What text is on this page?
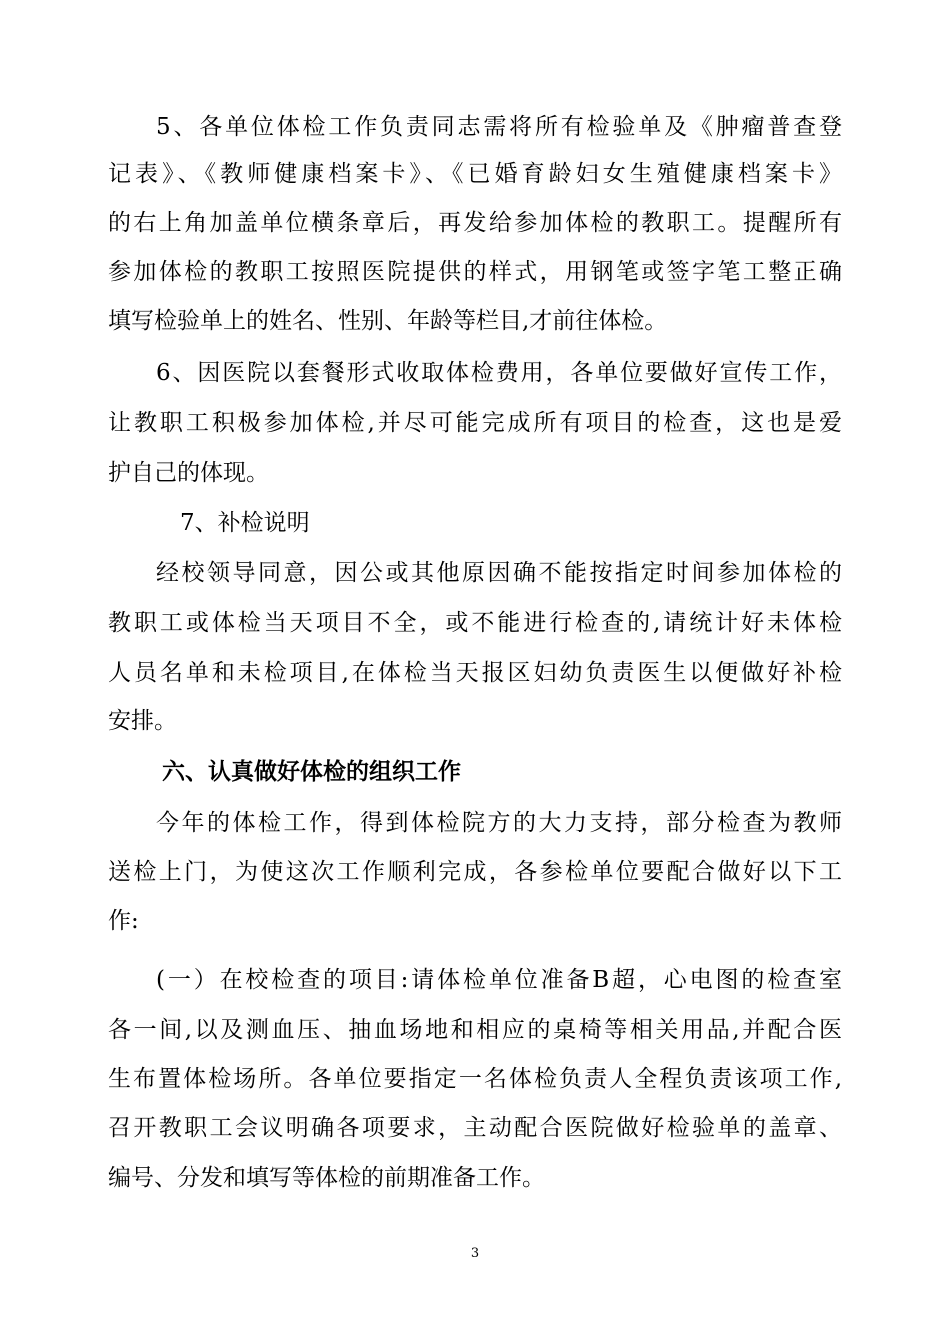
5、各单位体检工作负责同志需将所有检验单及《肿瘤普查登
记表》、《教师健康档案卡》、《已婚育龄妇女生殖健康档案卡》
的右上角加盖单位横条章后，再发给参加体检的教职工。提醒所有
参加体检的教职工按照医院提供的样式，用钢笔或签字笔工整正确
填写检验单上的姓名、性别、年龄等栏目,才前往体检。
6、因医院以套餐形式收取体检费用，各单位要做好宣传工作，
让教职工积极参加体检,并尽可能完成所有项目的检查，这也是爱
护自己的体现。
7、补检说明
经校领导同意，因公或其他原因确不能按指定时间参加体检的
教职工或体检当天项目不全，或不能进行检查的,请统计好未体检
人员名单和未检项目,在体检当天报区妇幼负责医生以便做好补检
安排。
六、认真做好体检的组织工作
今年的体检工作，得到体检院方的大力支持，部分检查为教师
送检上门，为使这次工作顺利完成，各参检单位要配合做好以下工
作:
(一）在校检查的项目:请体检单位准备B超，心电图的检查室
各一间,以及测血压、抽血场地和相应的桌椅等相关用品,并配合医
生布置体检场所。各单位要指定一名体检负责人全程负责该项工作,
召开教职工会议明确各项要求，主动配合医院做好检验单的盖章、
编号、分发和填写等体检的前期准备工作。
3
